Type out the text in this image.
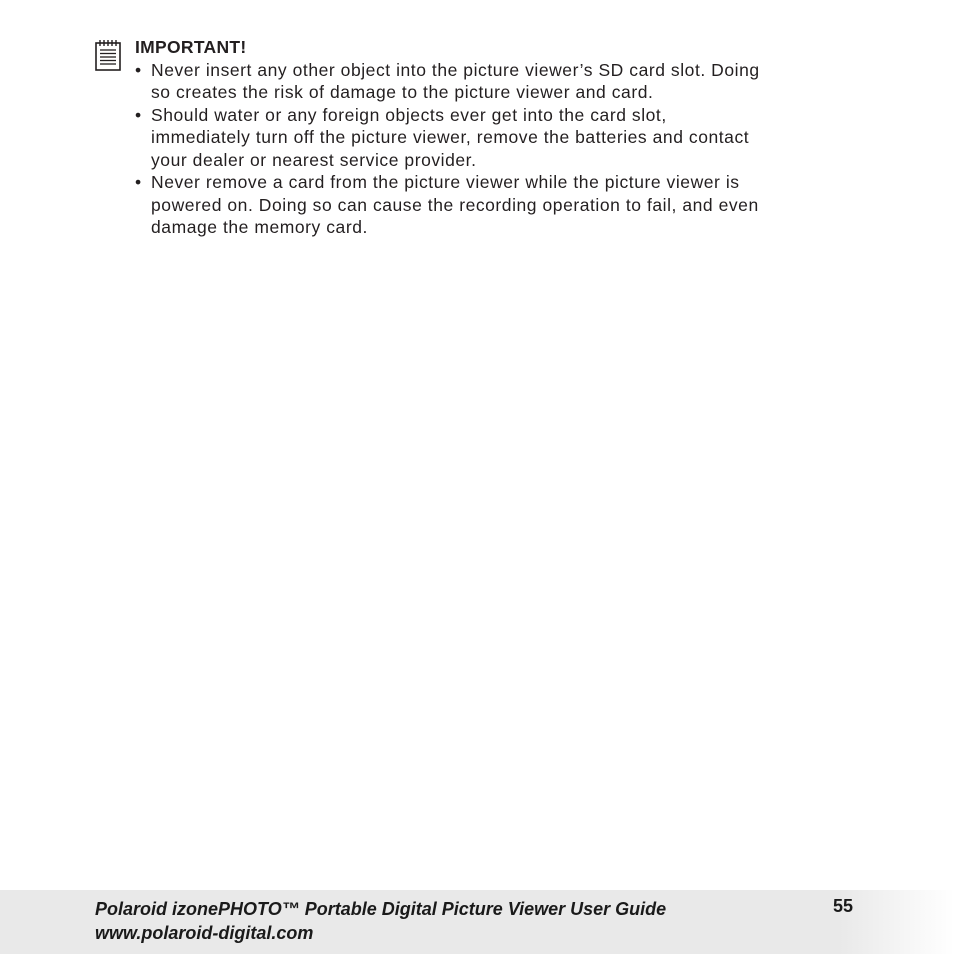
IMPORTANT!
• Never insert any other object into the picture viewer’s SD card slot. Doing
so creates the risk of damage to the picture viewer and card.
• Should water or any foreign objects ever get into the card slot,
immediately turn off the picture viewer, remove the batteries and contact
your dealer or nearest service provider.
• Never remove a card from the picture viewer while the picture viewer is
powered on. Doing so can cause the recording operation to fail, and even
damage the memory card.
Polaroid izonePHOTO™ Portable Digital Picture Viewer User Guide
www.polaroid-digital.com
55
